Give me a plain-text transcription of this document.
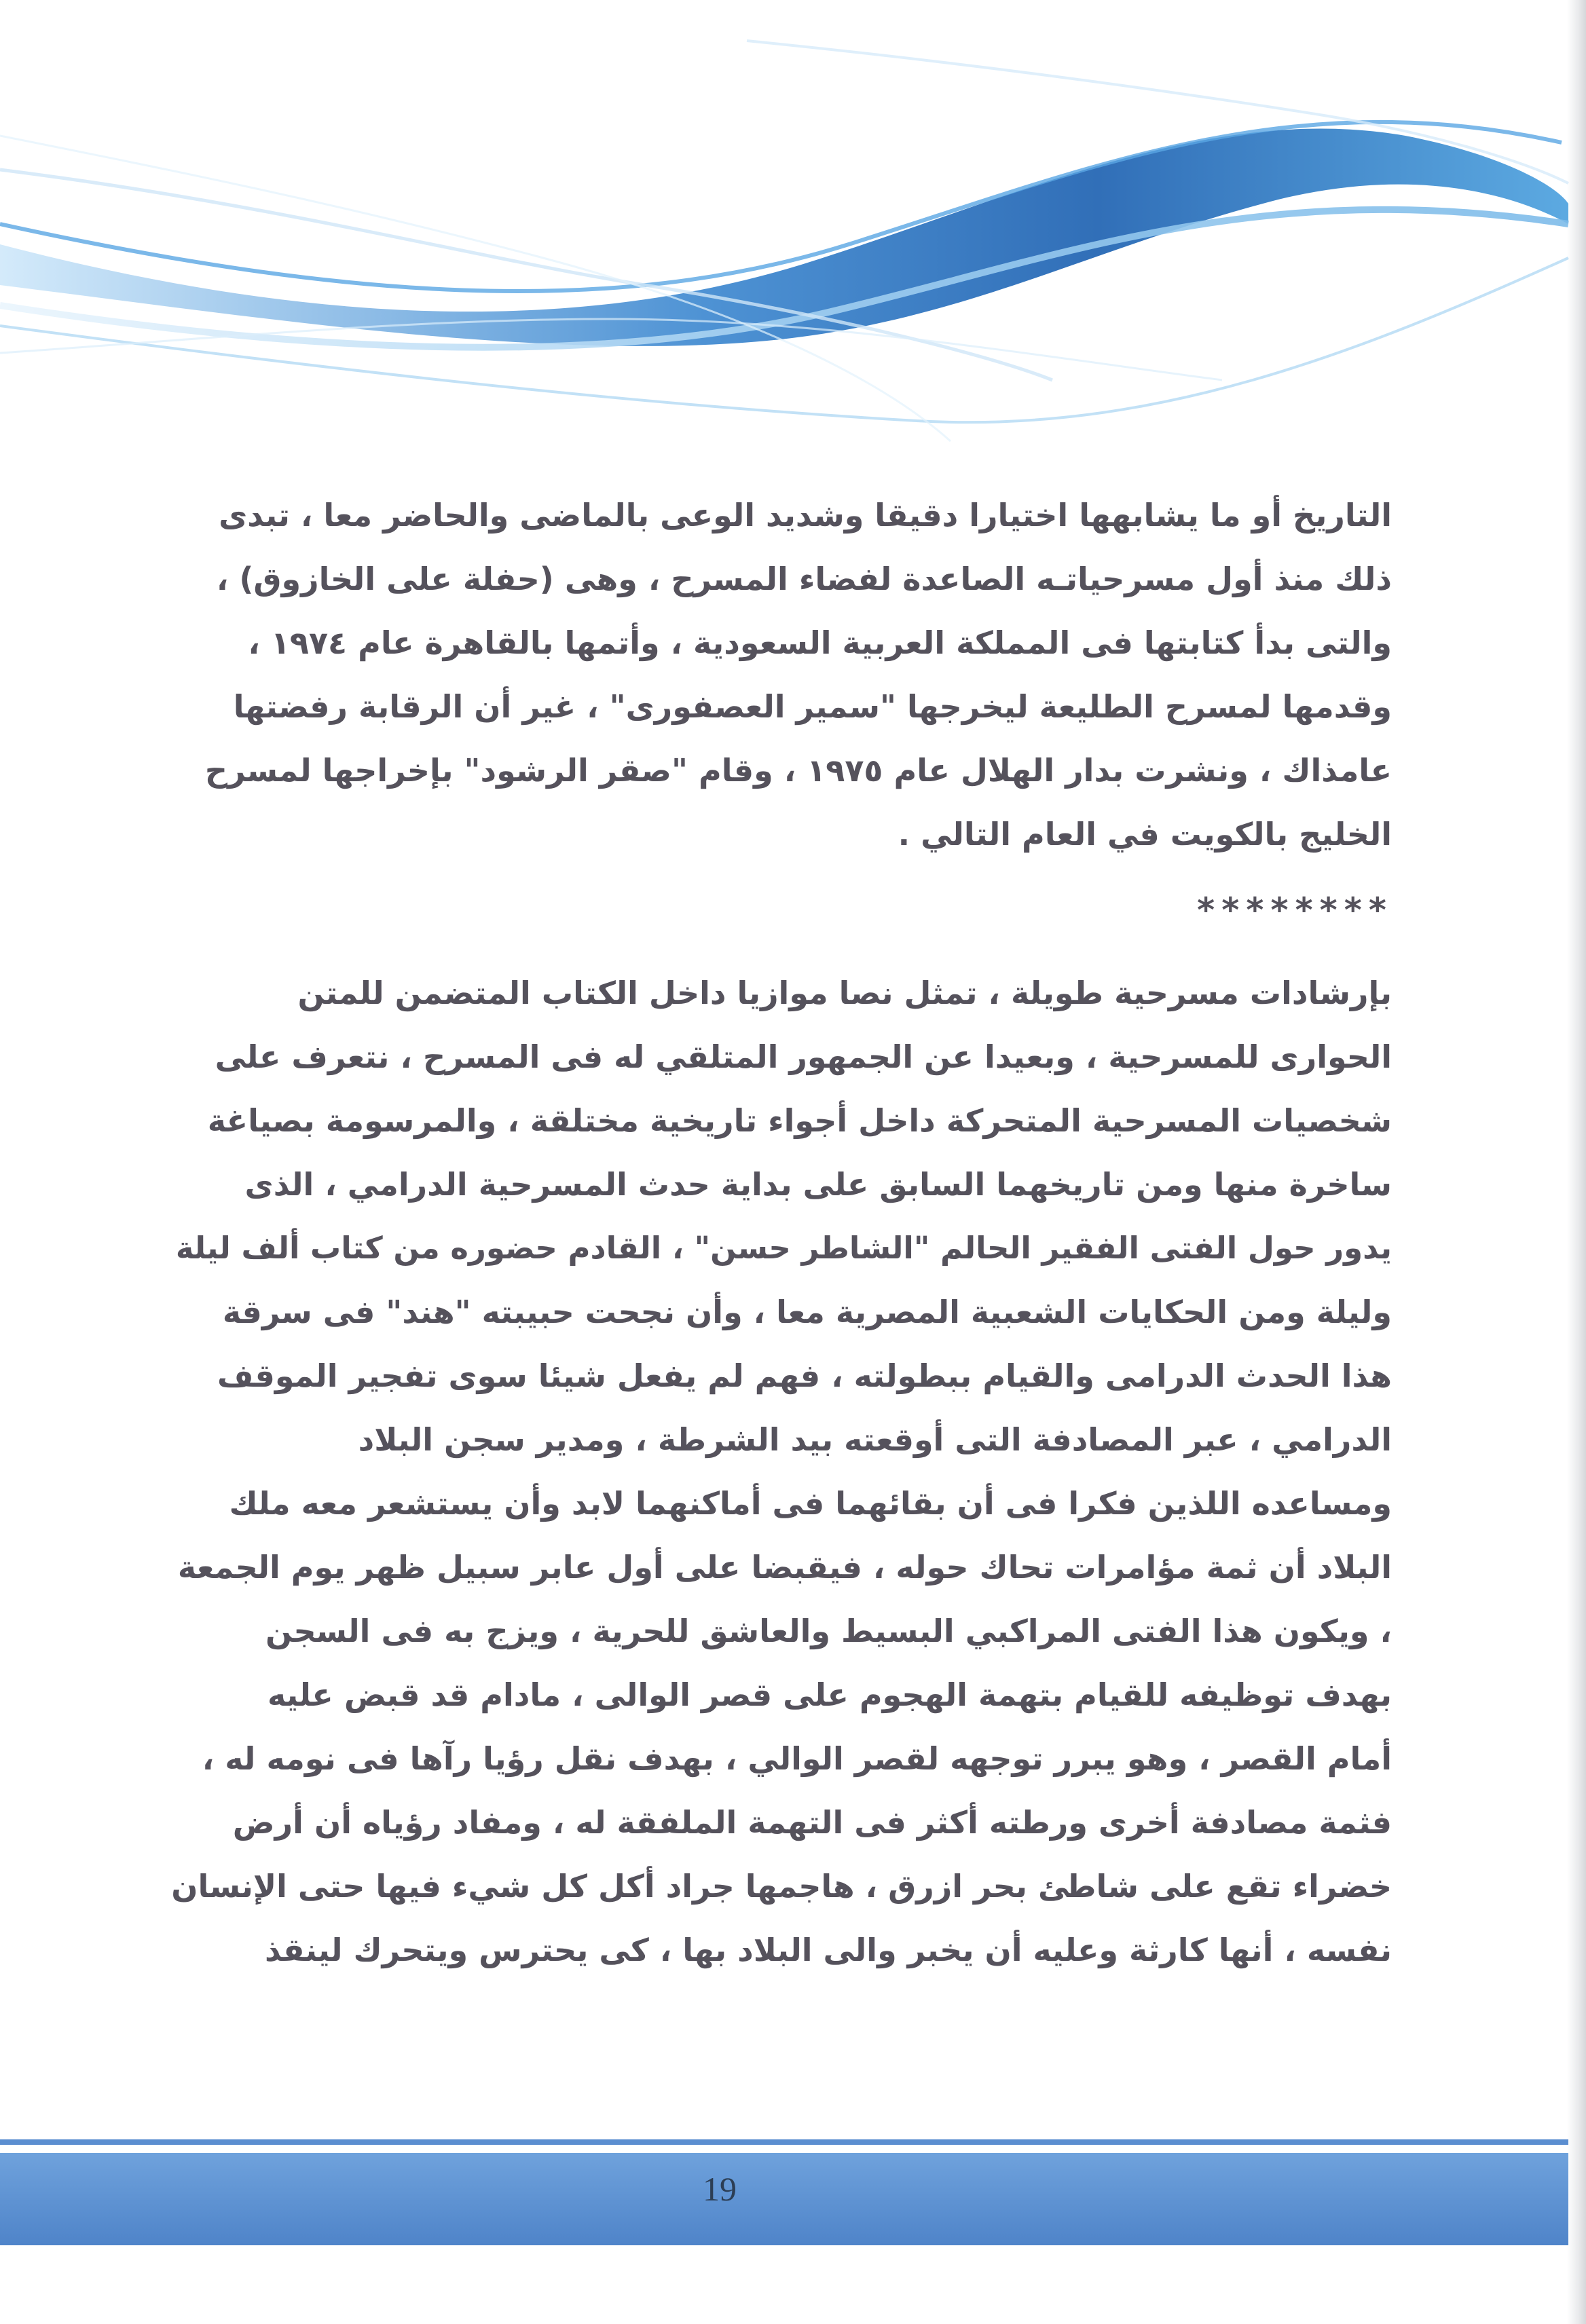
التاريخ أو ما يشابهها اختيارا دقيقا وشديد الوعى بالماضى والحاضر معا ، تبدى
ذلك منذ أول مسرحياتـه الصاعدة لفضاء المسرح ، وهى (حفلة على الخازوق) ،
والتى بدأ كتابتها فى المملكة العربية السعودية ، وأتمها بالقاهرة عام ١٩٧٤ ،
وقدمها لمسرح الطليعة ليخرجها "سمير العصفورى" ، غير أن الرقابة رفضتها
عامذاك ، ونشرت بدار الهلال عام ١٩٧٥ ، وقام "صقر الرشود" بإخراجها لمسرح
الخليج بالكويت في العام التالي .
********
بإرشادات مسرحية طويلة ، تمثل نصا موازيا داخل الكتاب المتضمن للمتن
الحوارى للمسرحية ، وبعيدا عن الجمهور المتلقي له فى المسرح ، نتعرف على
شخصيات المسرحية المتحركة داخل أجواء تاريخية مختلقة ، والمرسومة بصياغة
ساخرة منها ومن تاريخهما السابق على بداية حدث المسرحية الدرامي ، الذى
يدور حول الفتى الفقير الحالم "الشاطر حسن" ، القادم حضوره من كتاب ألف ليلة
وليلة ومن الحكايات الشعبية المصرية معا ، وأن نجحت حبيبته "هند" فى سرقة
هذا الحدث الدرامى والقيام ببطولته ، فهم لم يفعل شيئا سوى تفجير الموقف
الدرامي ، عبر المصادفة التى أوقعته بيد الشرطة ، ومدير سجن البلاد
ومساعده اللذين فكرا فى أن بقائهما فى أماكنهما لابد وأن يستشعر معه ملك
البلاد أن ثمة مؤامرات تحاك حوله ، فيقبضا على أول عابر سبيل ظهر يوم الجمعة
، ويكون هذا الفتى المراكبي البسيط والعاشق للحرية ، ويزج به فى السجن
بهدف توظيفه للقيام بتهمة الهجوم على قصر الوالى ، مادام قد قبض عليه
أمام القصر ، وهو يبرر توجهه لقصر الوالي ، بهدف نقل رؤيا رآها فى نومه له ،
فثمة مصادفة أخرى ورطته أكثر فى التهمة الملفقة له ، ومفاد رؤياه أن أرض
خضراء تقع على شاطئ بحر ازرق ، هاجمها جراد أكل كل شيء فيها حتى الإنسان
نفسه ، أنها كارثة وعليه أن يخبر والى البلاد بها ، كى يحترس ويتحرك لينقذ
19
